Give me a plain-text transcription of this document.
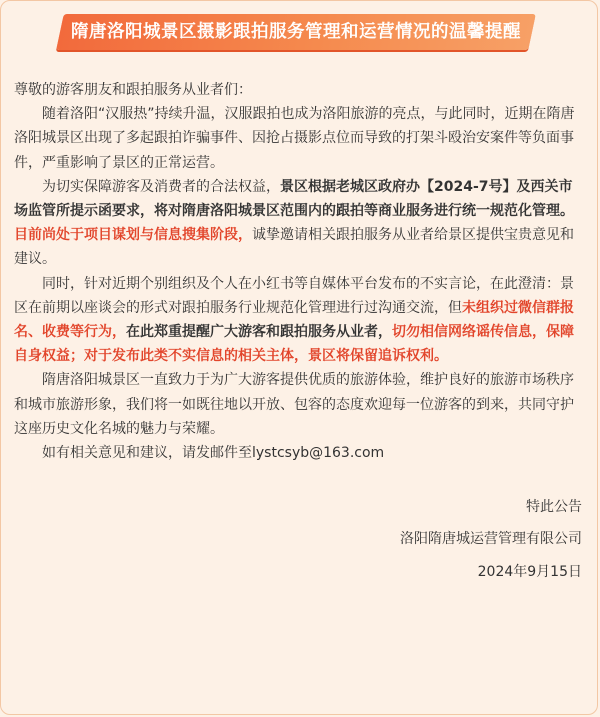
隋唐洛阳城景区摄影跟拍服务管理和运营情况的温馨提醒

尊敬的游客朋友和跟拍服务从业者们：

随着洛阳“汉服热”持续升温，汉服跟拍也成为洛阳旅游的亮点，与此同时，近期在隋唐洛阳城景区出现了多起跟拍诈骗事件、因抢占摄影点位而导致的打架斗殴治安案件等负面事件，严重影响了景区的正常运营。

为切实保障游客及消费者的合法权益，景区根据老城区政府办【2024-7号】及西关市场监管所提示函要求，将对隋唐洛阳城景区范围内的跟拍等商业服务进行统一规范化管理。目前尚处于项目谋划与信息搜集阶段，诚挚邀请相关跟拍服务从业者给景区提供宝贵意见和建议。

同时，针对近期个别组织及个人在小红书等自媒体平台发布的不实言论，在此澄清：景区在前期以座谈会的形式对跟拍服务行业规范化管理进行过沟通交流，但未组织过微信群报名、收费等行为，在此郑重提醒广大游客和跟拍服务从业者，切勿相信网络谣传信息，保障自身权益；对于发布此类不实信息的相关主体，景区将保留追诉权利。

隋唐洛阳城景区一直致力于为广大游客提供优质的旅游体验，维护良好的旅游市场秩序和城市旅游形象，我们将一如既往地以开放、包容的态度欢迎每一位游客的到来，共同守护这座历史文化名城的魅力与荣耀。

如有相关意见和建议，请发邮件至lystcsyb@163.com

特此公告

洛阳隋唐城运营管理有限公司

2024年9月15日
